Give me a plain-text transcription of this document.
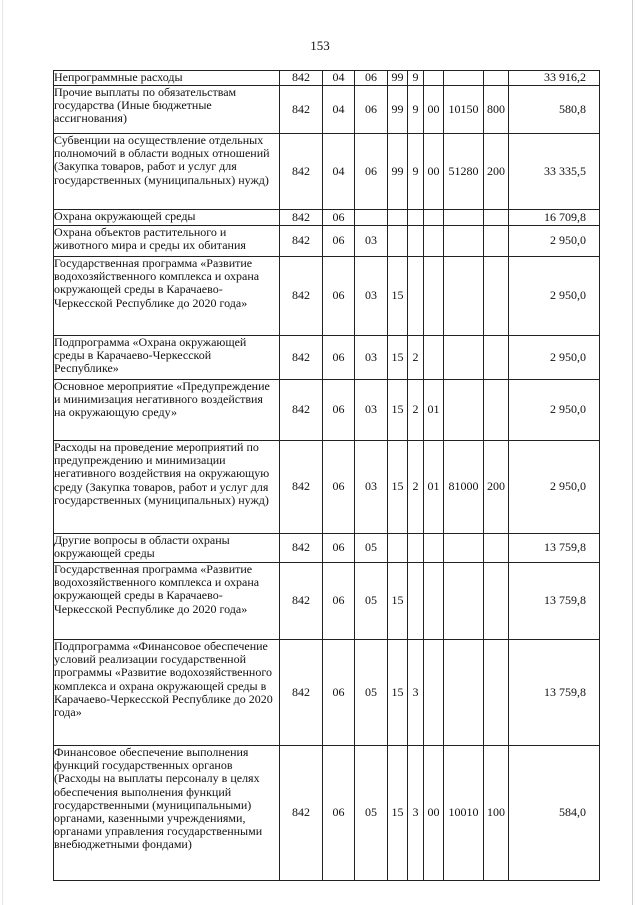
153
Непрограммные расходы	842	04	06	99	9				33 916,2
Прочие выплаты по обязательствам государства (Иные бюджетные ассигнования)	842	04	06	99	9	00	10150	800	580,8
Субвенции на осуществление отдельных полномочий в области водных отношений (Закупка товаров, работ и услуг для государственных (муниципальных) нужд)	842	04	06	99	9	00	51280	200	33 335,5
Охрана окружающей среды	842	06							16 709,8
Охрана объектов растительного и животного мира и среды их обитания	842	06	03						2 950,0
Государственная программа «Развитие водохозяйственного комплекса и охрана окружающей среды в Карачаево-Черкесской Республике до 2020 года»	842	06	03	15					2 950,0
Подпрограмма «Охрана окружающей среды в Карачаево-Черкесской Республике»	842	06	03	15	2				2 950,0
Основное мероприятие «Предупреждение и минимизация негативного воздействия на окружающую среду»	842	06	03	15	2	01			2 950,0
Расходы на проведение мероприятий по предупреждению и минимизации негативного воздействия на окружающую среду (Закупка товаров, работ и услуг для государственных (муниципальных) нужд)	842	06	03	15	2	01	81000	200	2 950,0
Другие вопросы в области охраны окружающей среды	842	06	05						13 759,8
Государственная программа «Развитие водохозяйственного комплекса и охрана окружающей среды в Карачаево-Черкесской Республике до 2020 года»	842	06	05	15					13 759,8
Подпрограмма «Финансовое обеспечение условий реализации государственной программы «Развитие водохозяйственного комплекса и охрана окружающей среды в Карачаево-Черкесской Республике до 2020 года»	842	06	05	15	3				13 759,8
Финансовое обеспечение выполнения функций государственных органов (Расходы на выплаты персоналу в целях обеспечения выполнения функций государственными (муниципальными) органами, казенными учреждениями, органами управления государственными внебюджетными фондами)	842	06	05	15	3	00	10010	100	584,0
